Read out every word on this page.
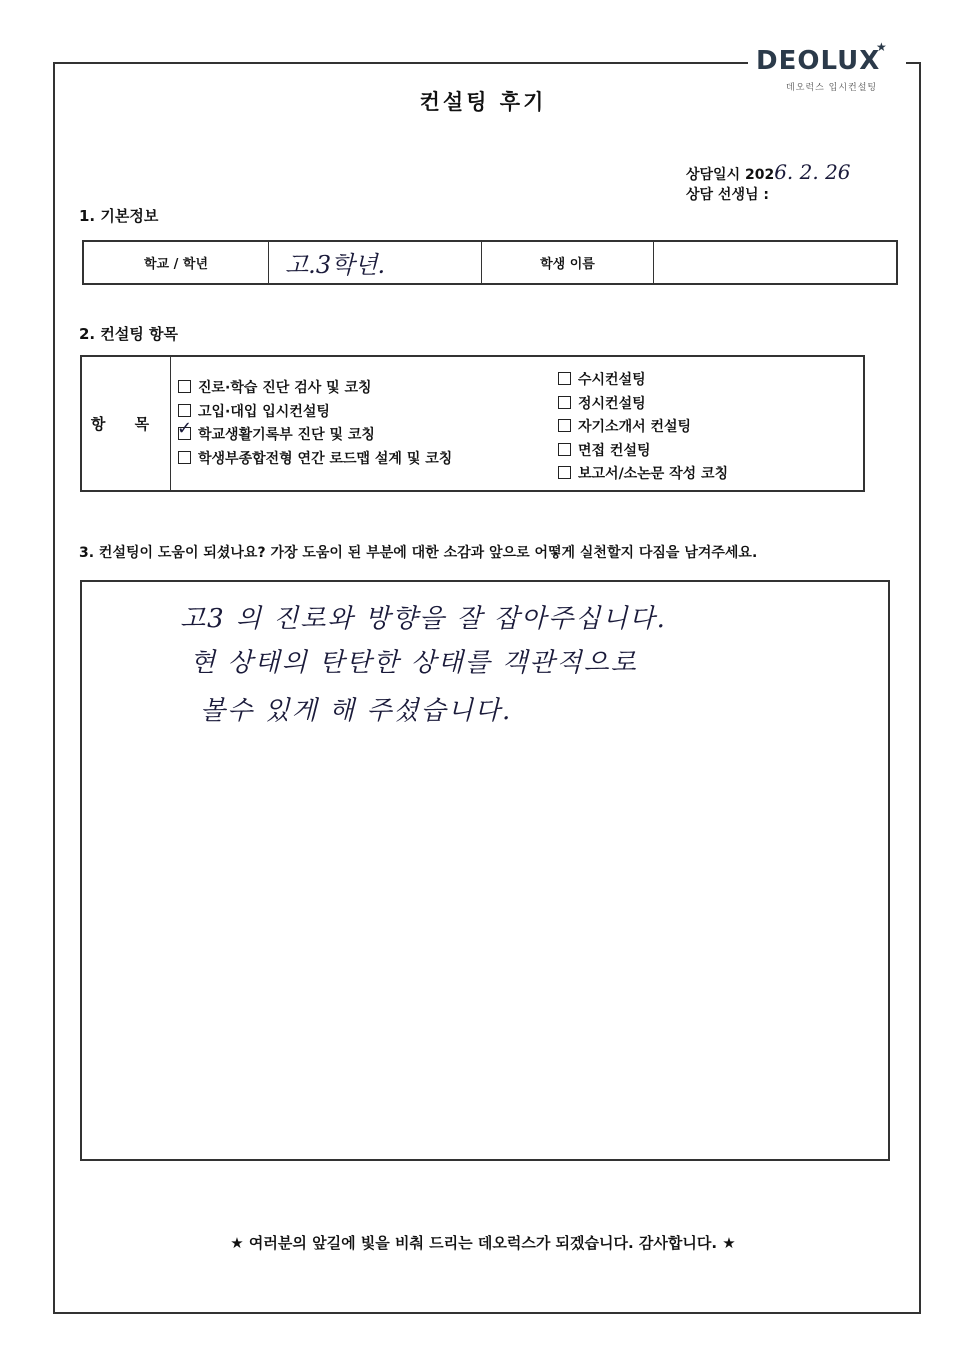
DEOLUX
★
데오럭스 입시컨설팅
컨설팅 후기
상담일시 2026. 2. 26
상담 선생님 :
1. 기본정보
학교 / 학년	고.3학년.	학생 이름
2. 컨설팅 항목
항 목
진로·학습 진단 검사 및 코칭
고입·대입 입시컨설팅
✓ 학교생활기록부 진단 및 코칭
학생부종합전형 연간 로드맵 설계 및 코칭
수시컨설팅
정시컨설팅
자기소개서 컨설팅
면접 컨설팅
보고서/소논문 작성 코칭
3. 컨설팅이 도움이 되셨나요? 가장 도움이 된 부분에 대한 소감과 앞으로 어떻게 실천할지 다짐을 남겨주세요.
고3 의 진로와 방향을 잘 잡아주십니다.
현 상태의 탄탄한 상태를 객관적으로
볼수 있게 해 주셨습니다.
★ 여러분의 앞길에 빛을 비춰 드리는 데오럭스가 되겠습니다. 감사합니다. ★
